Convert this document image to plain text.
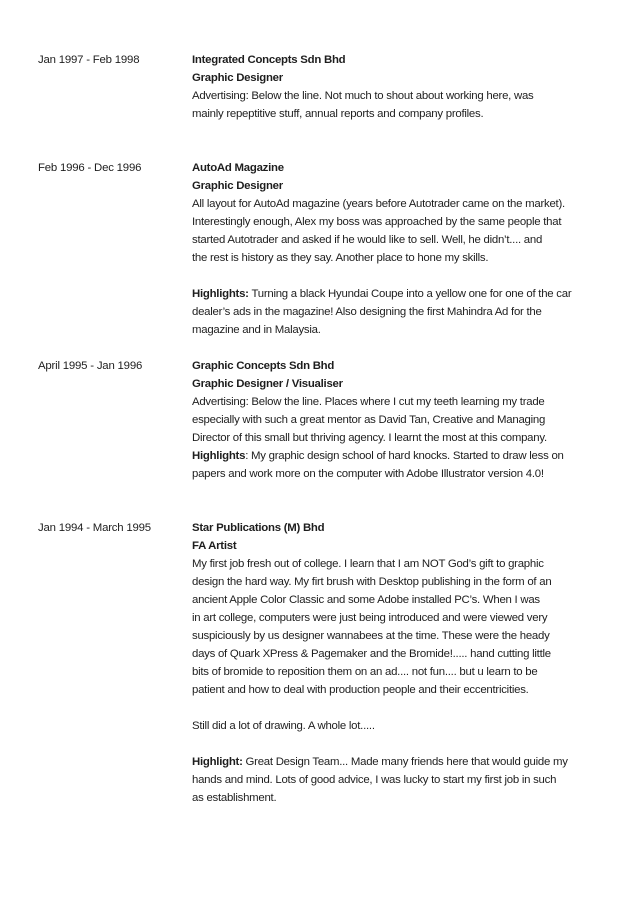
Jan 1997 - Feb 1998	Integrated Concepts Sdn Bhd
Graphic Designer
Advertising: Below the line. Not much to shout about working here, was
mainly repeptitive stuff, annual reports and company profiles.
Feb 1996 - Dec 1996	AutoAd Magazine
Graphic Designer
All layout for AutoAd magazine (years before Autotrader came on the market).
Interestingly enough, Alex my boss was approached by the same people that
started Autotrader and asked if he would like to sell. Well, he didn’t.... and
the rest is history as they say. Another place to hone my skills.
Highlights: Turning a black Hyundai Coupe into a yellow one for one of the car
dealer’s ads in the magazine! Also designing the first Mahindra Ad for the
magazine and in Malaysia.
April 1995 - Jan 1996	Graphic Concepts Sdn Bhd
Graphic Designer / Visualiser
Advertising: Below the line. Places where I cut my teeth learning my trade
especially with such a great mentor as David Tan, Creative and Managing
Director of this small but thriving agency. I learnt the most at this company.
Highlights: My graphic design school of hard knocks. Started to draw less on
papers and work more on the computer with Adobe Illustrator version 4.0!
Jan 1994 - March 1995	Star Publications (M) Bhd
FA Artist
My first job fresh out of college. I learn that I am NOT God’s gift to graphic
design the hard way. My firt brush with Desktop publishing in the form of an
ancient Apple Color Classic and some Adobe installed PC’s. When I was
in art college, computers were just being introduced and were viewed very
suspiciously by us designer wannabees at the time. These were the heady
days of Quark XPress & Pagemaker and the Bromide!..... hand cutting little
bits of bromide to reposition them on an ad.... not fun.... but u learn to be
patient and how to deal with production people and their eccentricities.
Still did a lot of drawing. A whole lot.....
Highlight: Great Design Team... Made many friends here that would guide my
hands and mind. Lots of good advice, I was lucky to start my first job in such
as establishment.
